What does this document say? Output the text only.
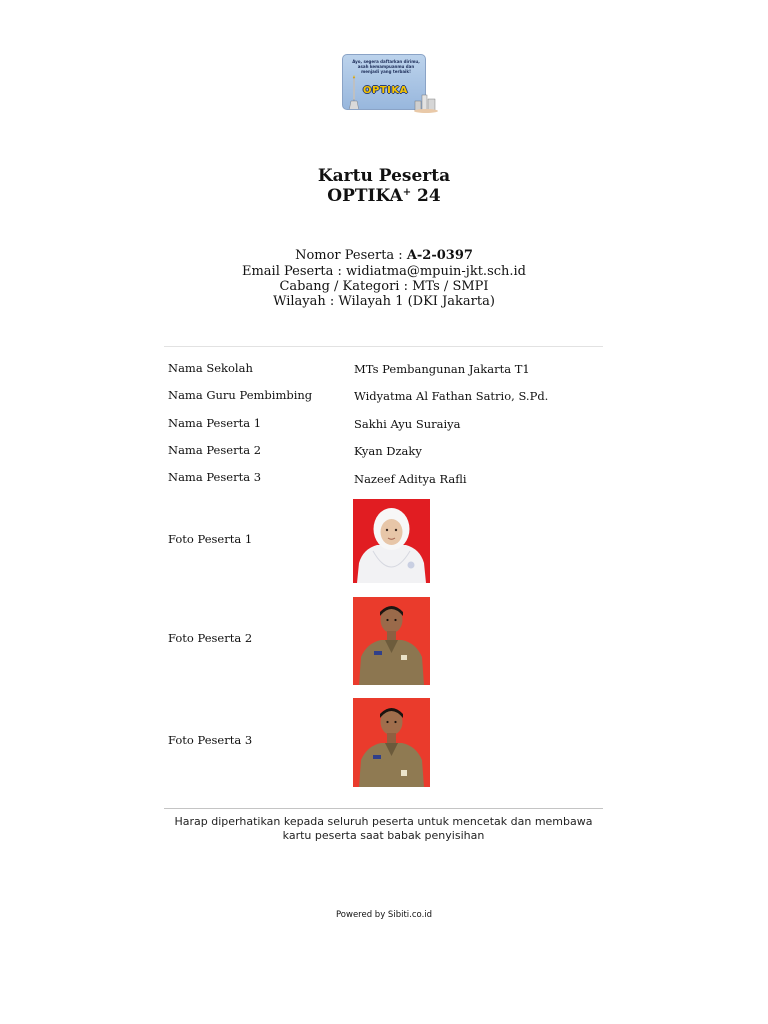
Ayo, segera daftarkan dirimu, asah kemampuanmu dan menjadi yang terbaik!
OPTIKA
Kartu Peserta
OPTIKA+ 24
Nomor Peserta : A-2-0397
Email Peserta : widiatma@mpuin-jkt.sch.id
Cabang / Kategori : MTs / SMPI
Wilayah : Wilayah 1 (DKI Jakarta)
Nama Sekolah	MTs Pembangunan Jakarta T1
Nama Guru Pembimbing	Widyatma Al Fathan Satrio, S.Pd.
Nama Peserta 1	Sakhi Ayu Suraiya
Nama Peserta 2	Kyan Dzaky
Nama Peserta 3	Nazeef Aditya Rafli
Foto Peserta 1
Foto Peserta 2
Foto Peserta 3
Harap diperhatikan kepada seluruh peserta untuk mencetak dan membawa
kartu peserta saat babak penyisihan
Powered by Sibiti.co.id
